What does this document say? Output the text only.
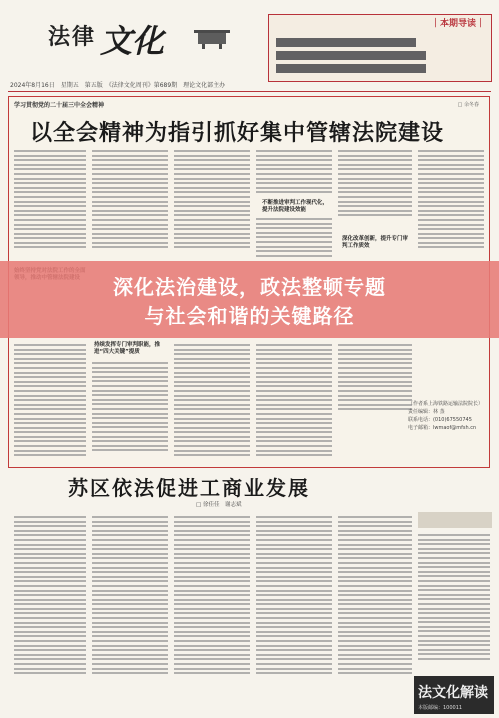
法律 文化
2024年8月16日　星期五　第五版　《法律文化周刊》第689期　理论文化部主办
｜本期导读｜
学习贯彻党的二十届三中全会精神	□ 余冬春
以全会精神为指引抓好集中管辖法院建设
不断推进审判工作现代化，提升法院建设效能
深化改革创新，提升专门审判工作质效
持续发挥专门审判职能，推进“四大关键”提质
（作者系上海铁路运输法院院长）
责任编辑：林 蒸
联系电话：(010)67550745
电子邮箱：lwmaof@mfsh.cn
深化法治建设，政法整顿专题
与社会和谐的关键路径
苏区依法促进工商业发展
□ 徐佳佳　谢志斌
法文化解读
本版邮编：100011
